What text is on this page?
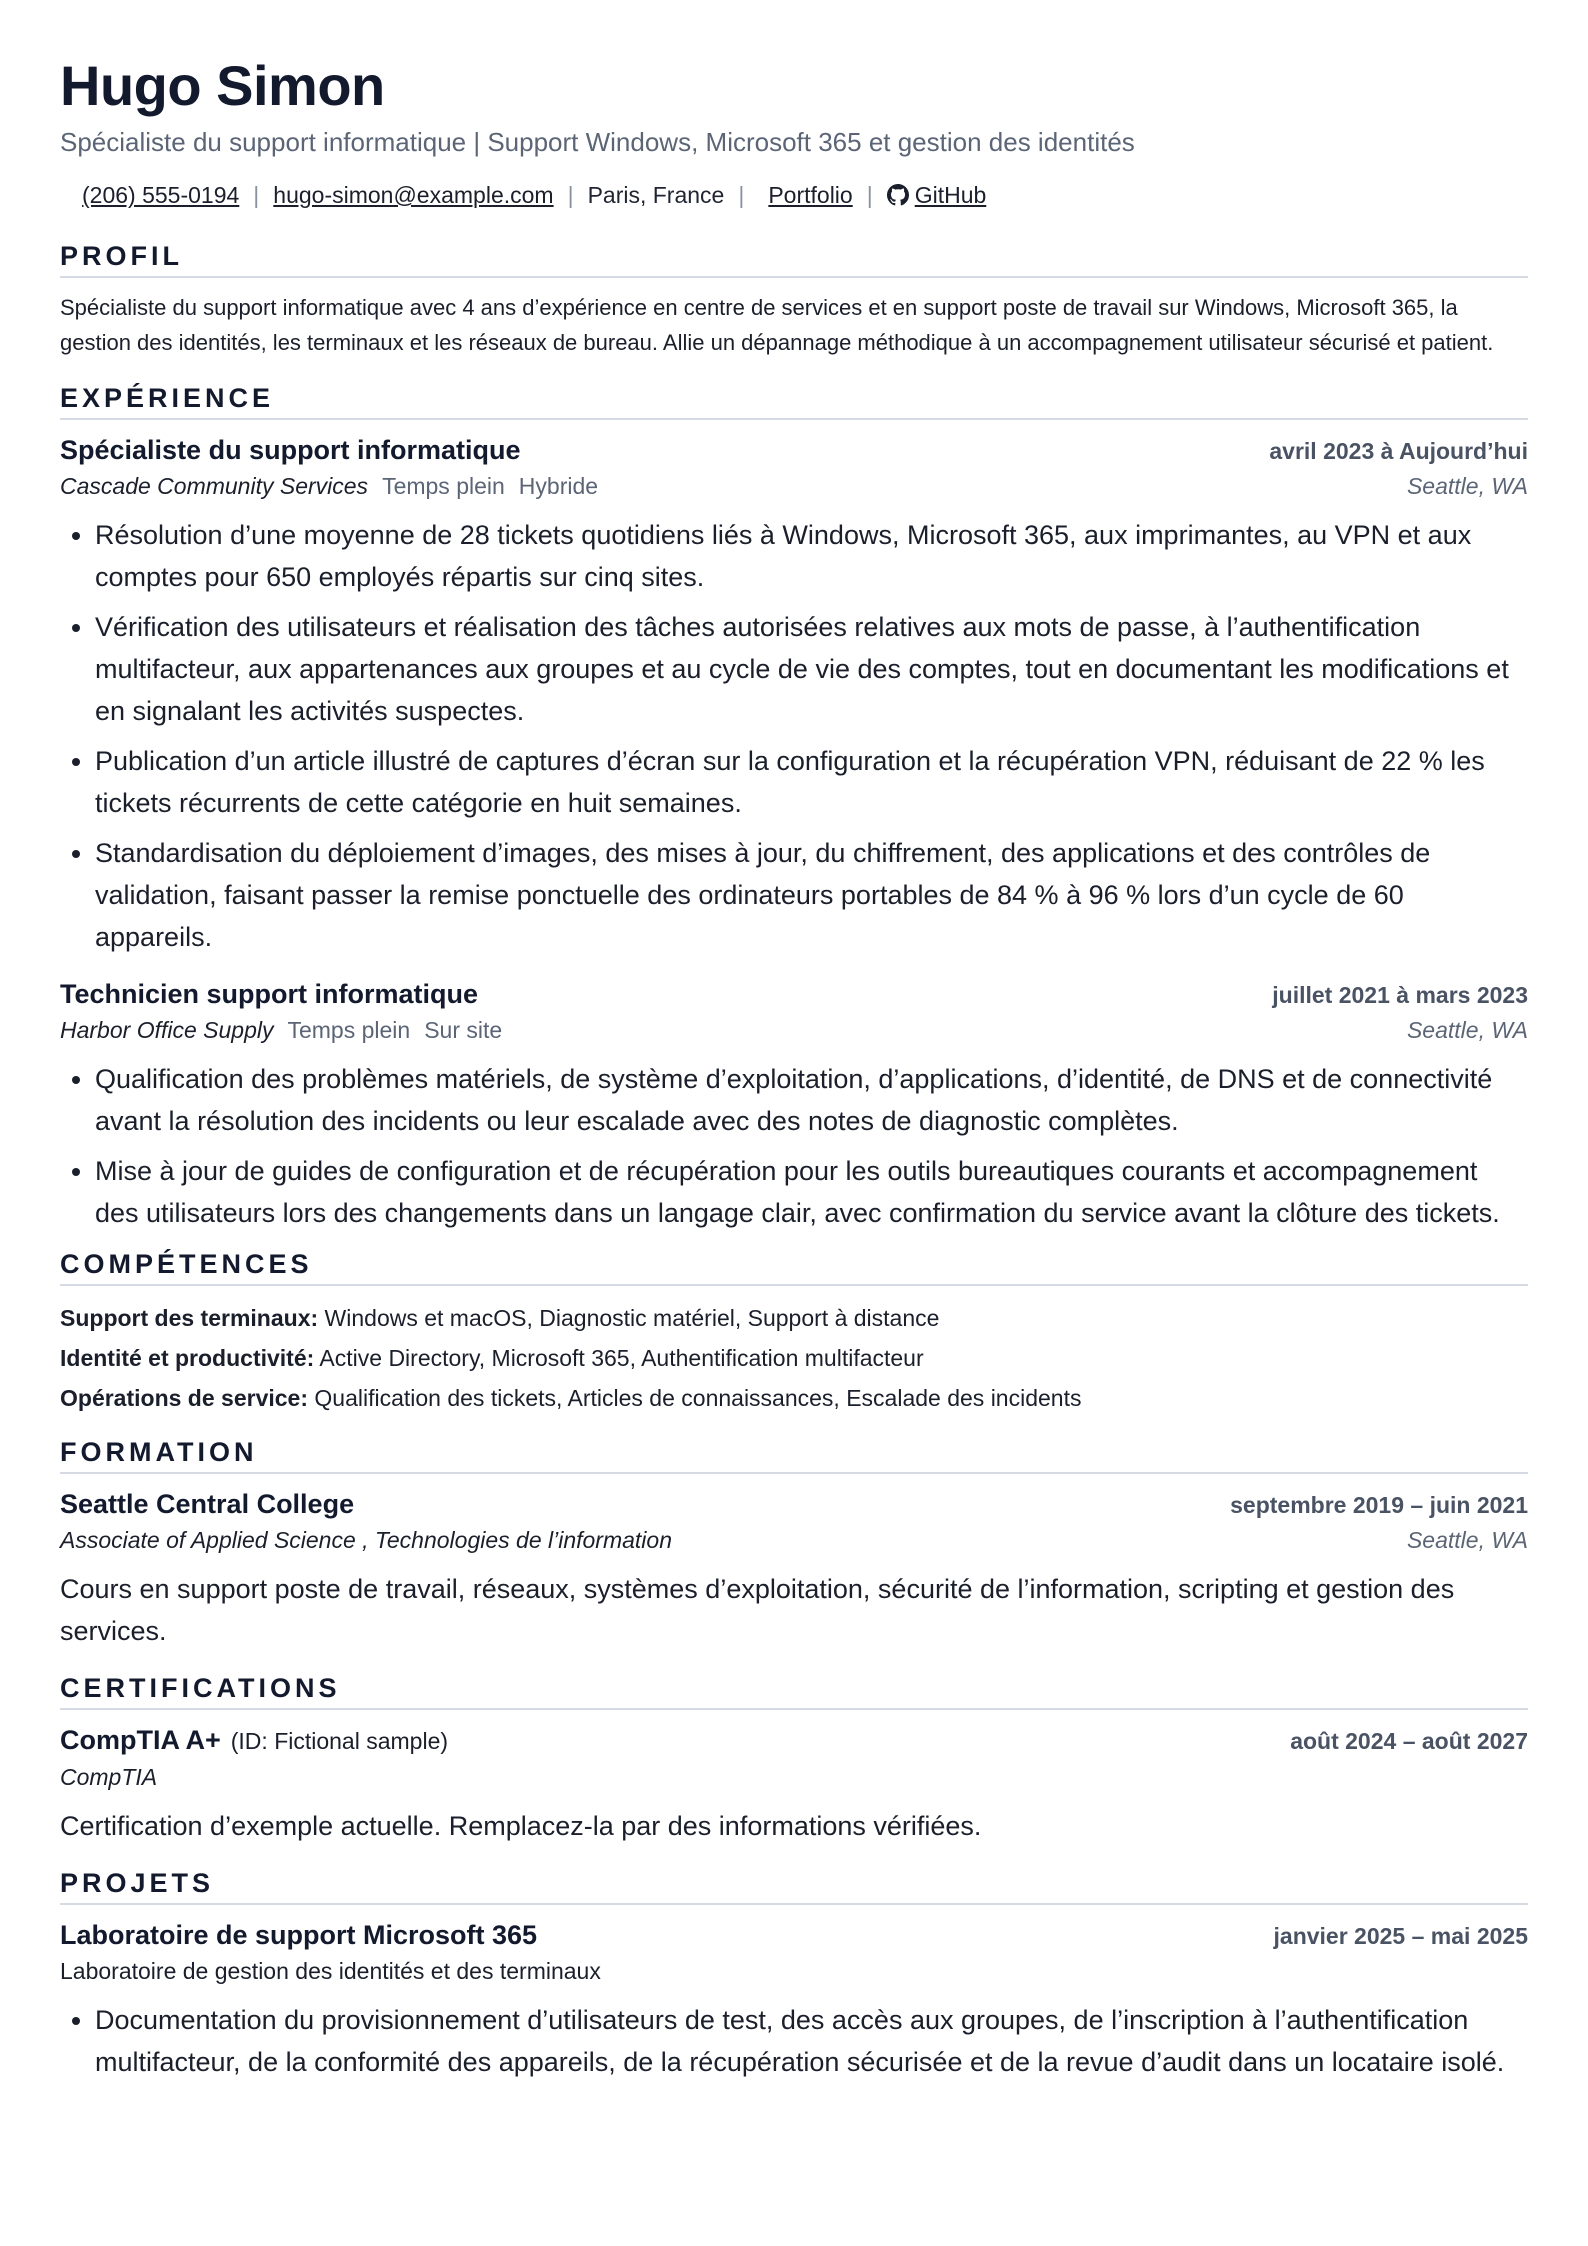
Hugo Simon
Spécialiste du support informatique | Support Windows, Microsoft 365 et gestion des identités
(206) 555-0194 | hugo-simon@example.com | Paris, France | Portfolio | GitHub
PROFIL
Spécialiste du support informatique avec 4 ans d’expérience en centre de services et en support poste de travail sur Windows, Microsoft 365, la gestion des identités, les terminaux et les réseaux de bureau. Allie un dépannage méthodique à un accompagnement utilisateur sécurisé et patient.
EXPÉRIENCE
Spécialiste du support informatique	avril 2023 à Aujourd’hui
Cascade Community Services Temps plein Hybride	Seattle, WA
• Résolution d’une moyenne de 28 tickets quotidiens liés à Windows, Microsoft 365, aux imprimantes, au VPN et aux comptes pour 650 employés répartis sur cinq sites.
• Vérification des utilisateurs et réalisation des tâches autorisées relatives aux mots de passe, à l’authentification multifacteur, aux appartenances aux groupes et au cycle de vie des comptes, tout en documentant les modifications et en signalant les activités suspectes.
• Publication d’un article illustré de captures d’écran sur la configuration et la récupération VPN, réduisant de 22 % les tickets récurrents de cette catégorie en huit semaines.
• Standardisation du déploiement d’images, des mises à jour, du chiffrement, des applications et des contrôles de validation, faisant passer la remise ponctuelle des ordinateurs portables de 84 % à 96 % lors d’un cycle de 60 appareils.
Technicien support informatique	juillet 2021 à mars 2023
Harbor Office Supply Temps plein Sur site	Seattle, WA
• Qualification des problèmes matériels, de système d’exploitation, d’applications, d’identité, de DNS et de connectivité avant la résolution des incidents ou leur escalade avec des notes de diagnostic complètes.
• Mise à jour de guides de configuration et de récupération pour les outils bureautiques courants et accompagnement des utilisateurs lors des changements dans un langage clair, avec confirmation du service avant la clôture des tickets.
COMPÉTENCES
Support des terminaux: Windows et macOS, Diagnostic matériel, Support à distance
Identité et productivité: Active Directory, Microsoft 365, Authentification multifacteur
Opérations de service: Qualification des tickets, Articles de connaissances, Escalade des incidents
FORMATION
Seattle Central College	septembre 2019 – juin 2021
Associate of Applied Science , Technologies de l’information	Seattle, WA
Cours en support poste de travail, réseaux, systèmes d’exploitation, sécurité de l’information, scripting et gestion des services.
CERTIFICATIONS
CompTIA A+ (ID: Fictional sample)	août 2024 – août 2027
CompTIA
Certification d’exemple actuelle. Remplacez-la par des informations vérifiées.
PROJETS
Laboratoire de support Microsoft 365	janvier 2025 – mai 2025
Laboratoire de gestion des identités et des terminaux
• Documentation du provisionnement d’utilisateurs de test, des accès aux groupes, de l’inscription à l’authentification multifacteur, de la conformité des appareils, de la récupération sécurisée et de la revue d’audit dans un locataire isolé.
